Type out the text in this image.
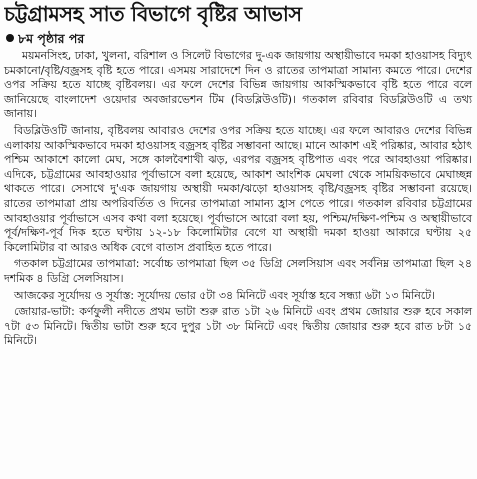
চট্টগ্রামসহ সাত বিভাগে বৃষ্টির আভাস
৮ম পৃষ্ঠার পর

ময়মনসিংহ, ঢাকা, খুলনা, বরিশাল ও সিলেট বিভাগের দু-এক জায়গায় অস্থায়ীভাবে দমকা হাওয়াসহ বিদ্যুৎ চমকানো/বৃষ্টি/বজ্রসহ বৃষ্টি হতে পারে। এসময় সারাদেশে দিন ও রাতের তাপমাত্রা সামান্য কমতে পারে। দেশের ওপর সক্রিয় হতে যাচ্ছে বৃষ্টিবলয়। এর ফলে দেশের বিভিন্ন জায়গায় আকস্মিকভাবে বৃষ্টি হতে পারে বলে জানিয়েছে বাংলাদেশ ওয়েদার অবজারভেশন টিম (বিডব্লিউওটি)। গতকাল রবিবার বিডব্লিউওটি এ তথ্য জানায়।

বিডব্লিউওটি জানায়, বৃষ্টিবলয় আবারও দেশের ওপর সক্রিয় হতে যাচ্ছে। এর ফলে আবারও দেশের বিভিন্ন এলাকায় আকস্মিকভাবে দমকা হাওয়াসহ বজ্রসহ বৃষ্টির সম্ভাবনা আছে। মানে আকাশ এই পরিষ্কার, আবার হঠাৎ পশ্চিম আকাশে কালো মেঘ, সঙ্গে কালবৈশাখী ঝড়, এরপর বজ্রসহ বৃষ্টিপাত এবং পরে আবহাওয়া পরিষ্কার। এদিকে, চট্টগ্রামের আবহাওয়ার পূর্বাভাসে বলা হয়েছে, আকাশ আংশিক মেঘলা থেকে সাময়িকভাবে মেঘাচ্ছন্ন থাকতে পারে। সেসাথে দু'এক জায়গায় অস্থায়ী দমকা/ঝড়ো হাওয়াসহ বৃষ্টি/বজ্রসহ বৃষ্টির সম্ভাবনা রয়েছে। রাতের তাপমাত্রা প্রায় অপরিবর্তিত ও দিনের তাপমাত্রা সামান্য হ্রাস পেতে পারে। গতকাল রবিবার চট্টগ্রামের আবহাওয়ার পূর্বাভাসে এসব কথা বলা হয়েছে। পূর্বাভাসে আরো বলা হয়, পশ্চিম/দক্ষিণ-পশ্চিম ও অস্থায়ীভাবে পূর্ব/দক্ষিণ-পূর্ব দিক হতে ঘণ্টায় ১২-১৮ কিলোমিটার বেগে যা অস্থায়ী দমকা হাওয়া আকারে ঘণ্টায় ২৫ কিলোমিটার বা আরও অধিক বেগে বাতাস প্রবাহিত হতে পারে।

গতকাল চট্টগ্রামের তাপমাত্রা: সর্বোচ্চ তাপমাত্রা ছিল ৩৫ ডিগ্রি সেলসিয়াস এবং সর্বনিম্ন তাপমাত্রা ছিল ২৪ দশমিক ৪ ডিগ্রি সেলসিয়াস।

আজকের সূর্যোদয় ও সূর্যাস্ত: সূর্যোদয় ভোর ৫টা ৩৪ মিনিটে এবং সূর্যাস্ত হবে সন্ধ্যা ৬টা ১৩ মিনিটে।

জোয়ার-ভাটা: কর্ণফুলী নদীতে প্রথম ভাটা শুরু রাত ১টা ২৬ মিনিটে এবং প্রথম জোয়ার শুরু হবে সকাল ৭টা ৫৩ মিনিটে। দ্বিতীয় ভাটা শুরু হবে দুপুর ১টা ৩৮ মিনিটে এবং দ্বিতীয় জোয়ার শুরু হবে রাত ৮টা ১৫ মিনিটে।
